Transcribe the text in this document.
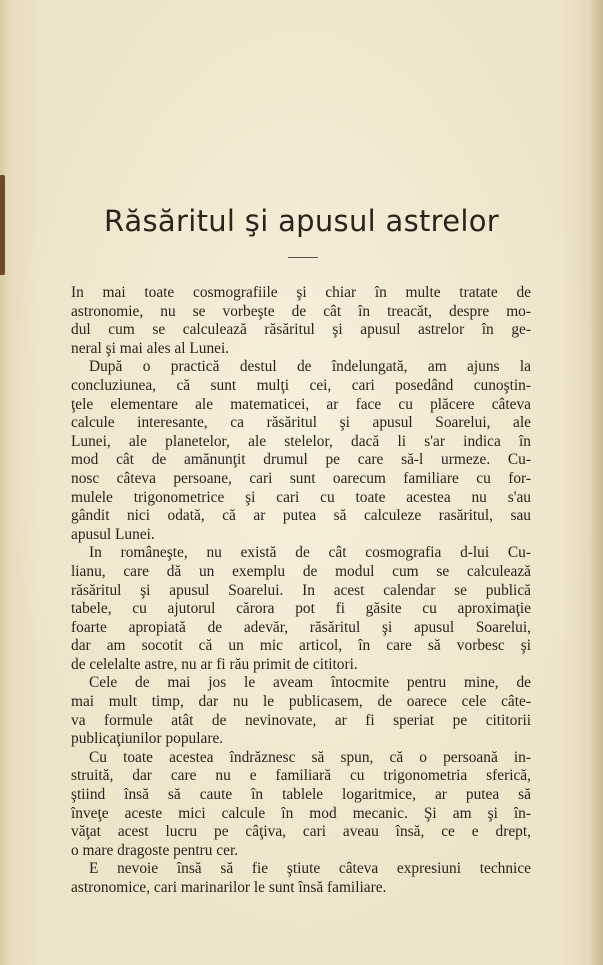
Răsăritul şi apusul astrelor
In mai toate cosmografiile şi chiar în multe tratate de
astronomie, nu se vorbeşte de cât în treacăt, despre mo-
dul cum se calculează răsăritul şi apusul astrelor în ge-
neral şi mai ales al Lunei.
După o practică destul de îndelungată, am ajuns la
concluziunea, că sunt mulţi cei, cari posedând cunoştin-
ţele elementare ale matematicei, ar face cu plăcere câteva
calcule interesante, ca răsăritul şi apusul Soarelui, ale
Lunei, ale planetelor, ale stelelor, dacă li s'ar indica în
mod cât de amănunţit drumul pe care să-l urmeze. Cu-
nosc câteva persoane, cari sunt oarecum familiare cu for-
mulele trigonometrice şi cari cu toate acestea nu s'au
gândit nici odată, că ar putea să calculeze rasăritul, sau
apusul Lunei.
In româneşte, nu există de cât cosmografia d-lui Cu-
lianu, care dă un exemplu de modul cum se calculează
răsăritul şi apusul Soarelui. In acest calendar se publică
tabele, cu ajutorul cărora pot fi găsite cu aproximaţie
foarte apropiată de adevăr, răsăritul şi apusul Soarelui,
dar am socotit că un mic articol, în care să vorbesc şi
de celelalte astre, nu ar fi rău primit de cititori.
Cele de mai jos le aveam întocmite pentru mine, de
mai mult timp, dar nu le publicasem, de oarece cele câte-
va formule atât de nevinovate, ar fi speriat pe cititorii
publicaţiunilor populare.
Cu toate acestea îndrăznesc să spun, că o persoană in-
struită, dar care nu e familiară cu trigonometria sferică,
ştiind însă să caute în tablele logaritmice, ar putea să
înveţe aceste mici calcule în mod mecanic. Şi am şi în-
văţat acest lucru pe câţiva, cari aveau însă, ce e drept,
o mare dragoste pentru cer.
E nevoie însă să fie ştiute câteva expresiuni technice
astronomice, cari marinarilor le sunt însă familiare.
